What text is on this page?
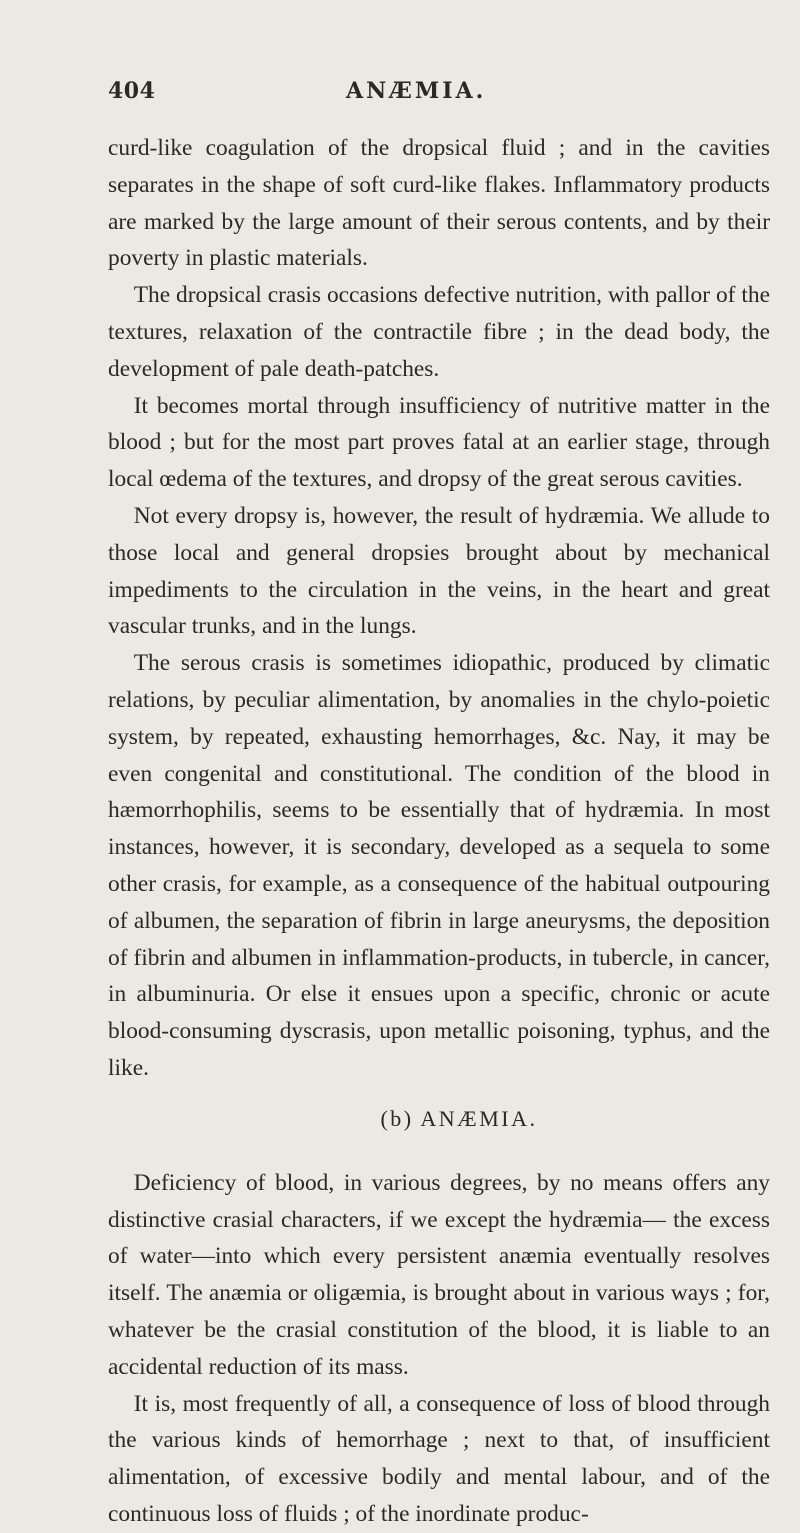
404	ANÆMIA.

curd-like coagulation of the dropsical fluid ; and in the cavities separates in the shape of soft curd-like flakes. Inflammatory products are marked by the large amount of their serous contents, and by their poverty in plastic materials.

The dropsical crasis occasions defective nutrition, with pallor of the textures, relaxation of the contractile fibre ; in the dead body, the development of pale death-patches.

It becomes mortal through insufficiency of nutritive matter in the blood ; but for the most part proves fatal at an earlier stage, through local œdema of the textures, and dropsy of the great serous cavities.

Not every dropsy is, however, the result of hydræmia. We allude to those local and general dropsies brought about by mechanical impediments to the circulation in the veins, in the heart and great vascular trunks, and in the lungs.

The serous crasis is sometimes idiopathic, produced by climatic relations, by peculiar alimentation, by anomalies in the chylo-poietic system, by repeated, exhausting hemorrhages, &c. Nay, it may be even congenital and constitutional. The condition of the blood in hæmorrhophilis, seems to be essentially that of hydræmia. In most instances, however, it is secondary, developed as a sequela to some other crasis, for example, as a consequence of the habitual outpouring of albumen, the separation of fibrin in large aneurysms, the deposition of fibrin and albumen in inflammation-products, in tubercle, in cancer, in albuminuria. Or else it ensues upon a specific, chronic or acute blood-consuming dyscrasis, upon metallic poisoning, typhus, and the like.

(b) ANÆMIA.

Deficiency of blood, in various degrees, by no means offers any distinctive crasial characters, if we except the hydræmia— the excess of water—into which every persistent anæmia eventually resolves itself. The anæmia or oligæmia, is brought about in various ways ; for, whatever be the crasial constitution of the blood, it is liable to an accidental reduction of its mass.

It is, most frequently of all, a consequence of loss of blood through the various kinds of hemorrhage ; next to that, of insufficient alimentation, of excessive bodily and mental labour, and of the continuous loss of fluids ; of the inordinate produc-
